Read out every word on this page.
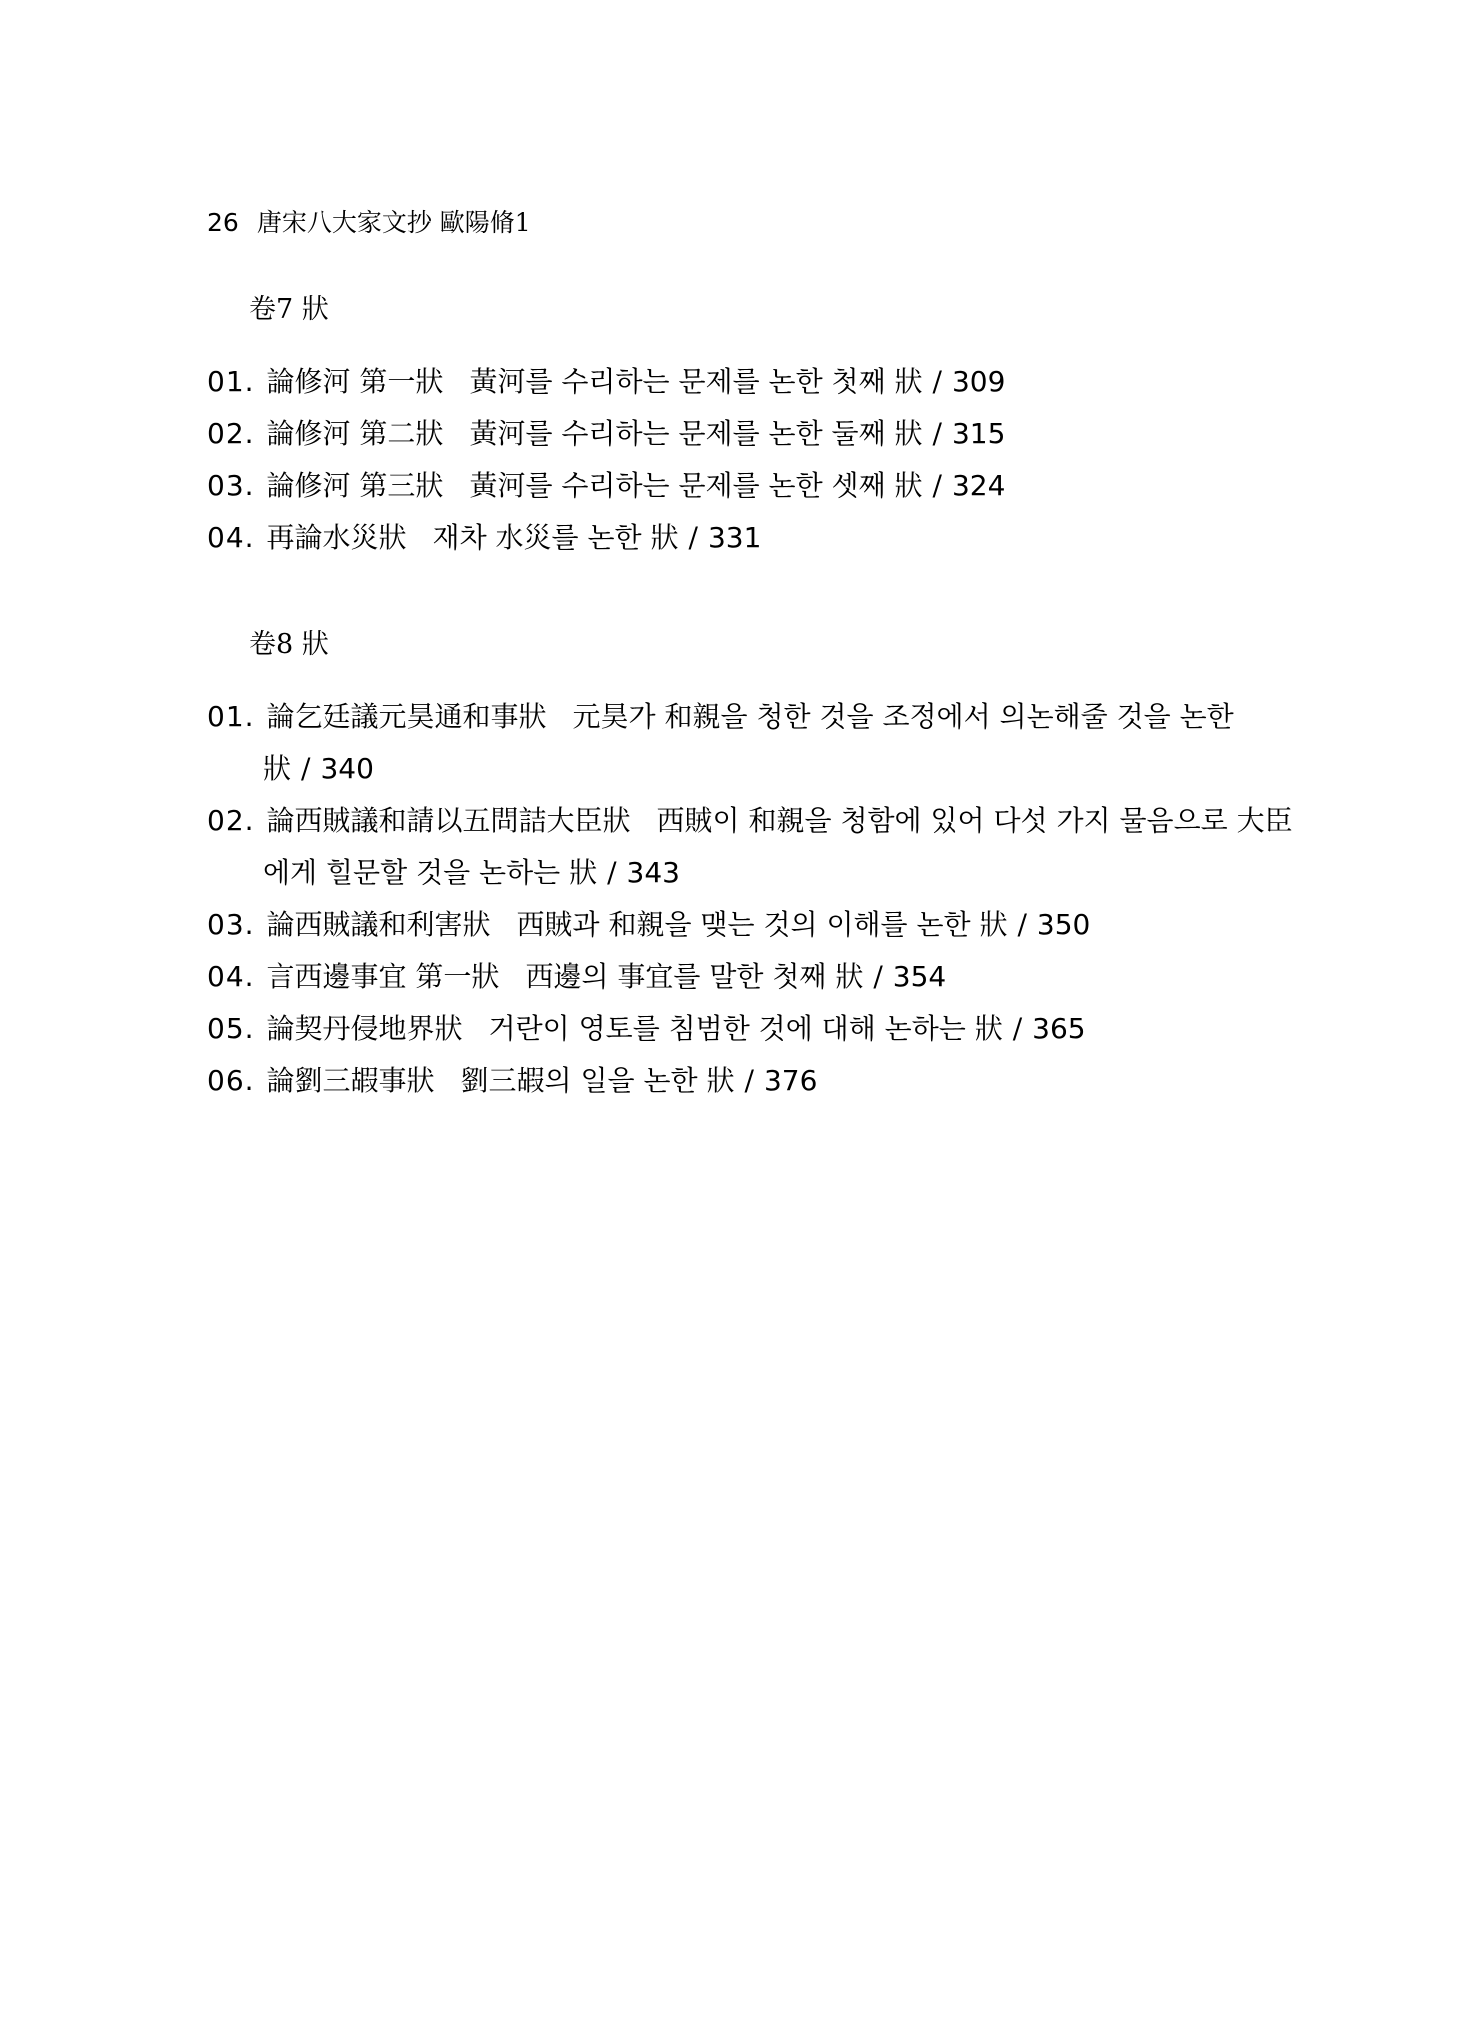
26 唐宋八大家文抄 歐陽脩1
卷7 狀
01. 論修河 第一狀 黃河를 수리하는 문제를 논한 첫째 狀 / 309
02. 論修河 第二狀 黃河를 수리하는 문제를 논한 둘째 狀 / 315
03. 論修河 第三狀 黃河를 수리하는 문제를 논한 셋째 狀 / 324
04. 再論水災狀 재차 水災를 논한 狀 / 331
卷8 狀
01. 論乞廷議元昊通和事狀 元昊가 和親을 청한 것을 조정에서 의논해줄 것을 논한 狀 / 340
02. 論西賊議和請以五問詰大臣狀 西賊이 和親을 청함에 있어 다섯 가지 물음으로 大臣에게 힐문할 것을 논하는 狀 / 343
03. 論西賊議和利害狀 西賊과 和親을 맺는 것의 이해를 논한 狀 / 350
04. 言西邊事宜 第一狀 西邊의 事宜를 말한 첫째 狀 / 354
05. 論契丹侵地界狀 거란이 영토를 침범한 것에 대해 논하는 狀 / 365
06. 論劉三嘏事狀 劉三嘏의 일을 논한 狀 / 376
